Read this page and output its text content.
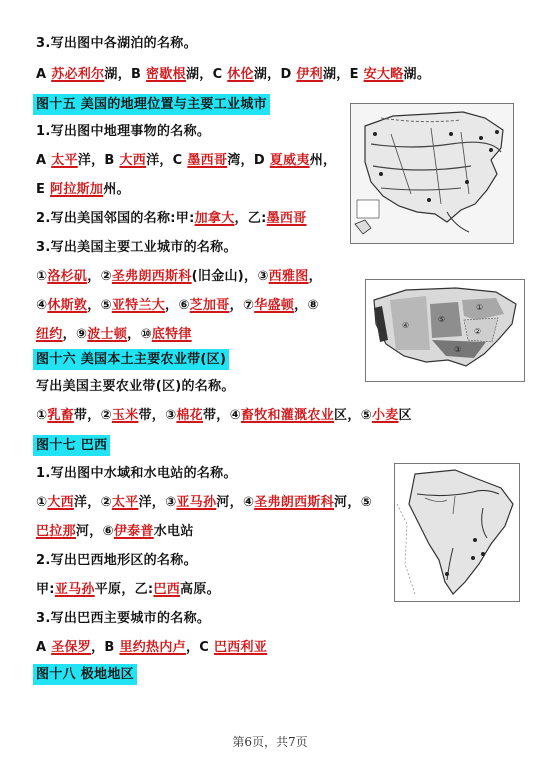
3.写出图中各湖泊的名称。
A 苏必利尔湖，B 密歇根湖，C 休伦湖，D 伊利湖，E 安大略湖。
图十五 美国的地理位置与主要工业城市
1.写出图中地理事物的名称。
A 太平洋，B 大西洋，C 墨西哥湾，D 夏威夷州，
E 阿拉斯加州。
2.写出美国邻国的名称:甲:加拿大，乙:墨西哥
3.写出美国主要工业城市的名称。
①洛杉矶，②圣弗朗西斯科(旧金山)，③西雅图，
④休斯敦，⑤亚特兰大，⑥芝加哥，⑦华盛顿，⑧
纽约，⑨波士顿，⑩底特律
④
⑤
①
②
③
图十六 美国本土主要农业带(区)
写出美国主要农业带(区)的名称。
①乳畜带，②玉米带，③棉花带，④畜牧和灌溉农业区，⑤小麦区
图十七 巴西
1.写出图中水域和水电站的名称。
①大西洋，②太平洋，③亚马孙河，④圣弗朗西斯科河，⑤
巴拉那河，⑥伊泰普水电站
2.写出巴西地形区的名称。
甲:亚马孙平原，乙:巴西高原。
3.写出巴西主要城市的名称。
A 圣保罗，B 里约热内卢，C 巴西利亚
图十八 极地地区
第6页，共7页
